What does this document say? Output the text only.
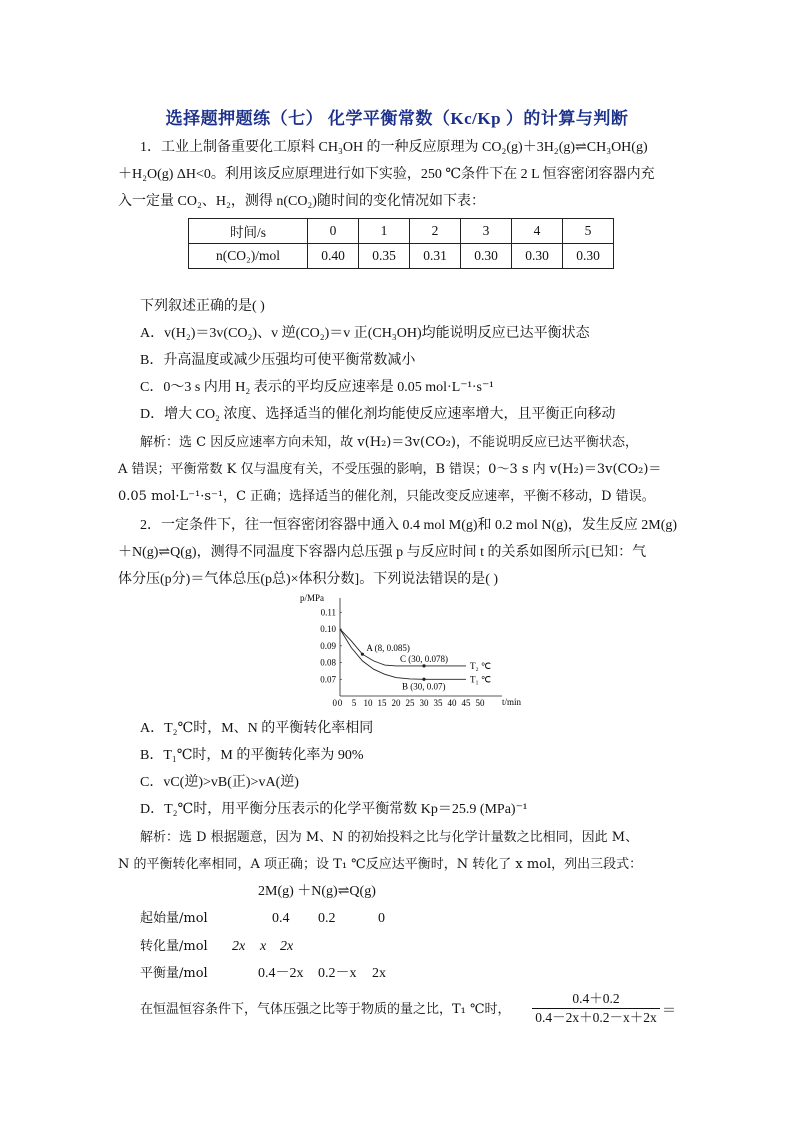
选择题押题练（七） 化学平衡常数（Kc/Kp ）的计算与判断
1．工业上制备重要化工原料 CH₃OH 的一种反应原理为 CO₂(g)＋3H₂(g)⇌CH₃OH(g)
＋H₂O(g) ΔH<0。利用该反应原理进行如下实验，250 ℃条件下在 2 L 恒容密闭容器内充
入一定量 CO₂、H₂，测得 n(CO₂)随时间的变化情况如下表：
时间/s	0	1	2	3	4	5
n(CO₂)/mol	0.40	0.35	0.31	0.30	0.30	0.30
下列叙述正确的是( )
A．v(H₂)＝3v(CO₂)、v 逆(CO₂)＝v 正(CH₃OH)均能说明反应已达平衡状态
B．升高温度或减少压强均可使平衡常数减小
C．0～3 s 内用 H₂ 表示的平均反应速率是 0.05 mol·L⁻¹·s⁻¹
D．增大 CO₂ 浓度、选择适当的催化剂均能使反应速率增大，且平衡正向移动
解析：选 C 因反应速率方向未知，故 v(H₂)＝3v(CO₂)，不能说明反应已达平衡状态，
A 错误；平衡常数 K 仅与温度有关，不受压强的影响，B 错误；0～3 s 内 v(H₂)＝3v(CO₂)＝
0.05 mol·L⁻¹·s⁻¹，C 正确；选择适当的催化剂，只能改变反应速率，平衡不移动，D 错误。
2．一定条件下，往一恒容密闭容器中通入 0.4 mol M(g)和 0.2 mol N(g)，发生反应 2M(g)
＋N(g)⇌Q(g)，测得不同温度下容器内总压强 p 与反应时间 t 的关系如图所示[已知：气
体分压(p分)＝气体总压(p总)×体积分数]。下列说法错误的是( )
p/MPa
t/min
0 5 10 15 20 25 30 35 40 45 50
0
0.07
0.08
0.09
0.10
0.11
T₂ ℃
T₁ ℃
A (8, 0.085)
C (30, 0.078)
B (30, 0.07)
A．T₂℃时，M、N 的平衡转化率相同
B．T₁℃时，M 的平衡转化率为 90%
C．vC(逆)>vB(正)>vA(逆)
D．T₂℃时，用平衡分压表示的化学平衡常数 Kp＝25.9 (MPa)⁻¹
解析：选 D 根据题意，因为 M、N 的初始投料之比与化学计量数之比相同，因此 M、
N 的平衡转化率相同，A 项正确；设 T₁ ℃反应达平衡时，N 转化了 x mol，列出三段式：
2M(g) ＋N(g)⇌Q(g)
起始量/mol	0.4 0.2	0
转化量/mol 2x x 2x
平衡量/mol	0.4－2x 0.2－x 2x
在恒温恒容条件下，气体压强之比等于物质的量之比，T₁ ℃时，
0.4＋0.2
0.4－2x＋0.2－x＋2x ＝
